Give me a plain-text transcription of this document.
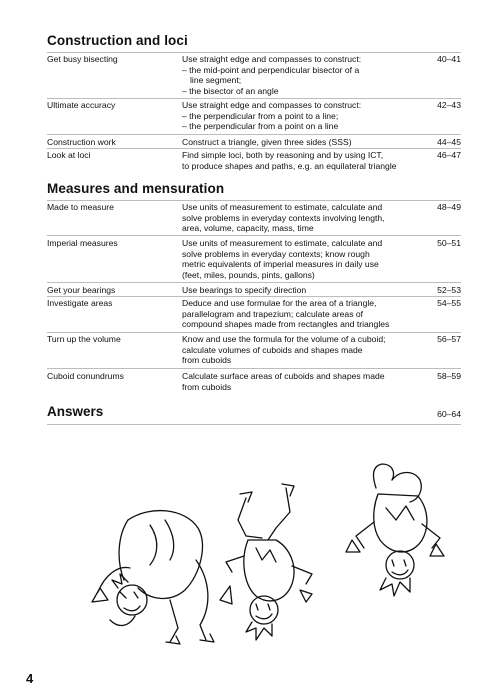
Construction and loci
Get busy bisecting	Use straight edge and compasses to construct:
– the mid-point and perpendicular bisector of a
line segment;
– the bisector of an angle
40–41
Ultimate accuracy	Use straight edge and compasses to construct:
– the perpendicular from a point to a line;
– the perpendicular from a point on a line
42–43
Construction work	Construct a triangle, given three sides (SSS)	44–45
Look at loci	Find simple loci, both by reasoning and by using ICT,
to produce shapes and paths, e.g. an equilateral triangle
46–47
Measures and mensuration
Made to measure	Use units of measurement to estimate, calculate and
solve problems in everyday contexts involving length,
area, volume, capacity, mass, time
48–49
Imperial measures	Use units of measurement to estimate, calculate and
solve problems in everyday contexts; know rough
metric equivalents of imperial measures in daily use
(feet, miles, pounds, pints, gallons)
50–51
Get your bearings	Use bearings to specify direction	52–53
Investigate areas	Deduce and use formulae for the area of a triangle,
parallelogram and trapezium; calculate areas of
compound shapes made from rectangles and triangles
54–55
Turn up the volume	Know and use the formula for the volume of a cuboid;
calculate volumes of cuboids and shapes made
from cuboids
56–57
Cuboid conundrums	Calculate surface areas of cuboids and shapes made
from cuboids
58–59
Answers	60–64
4
